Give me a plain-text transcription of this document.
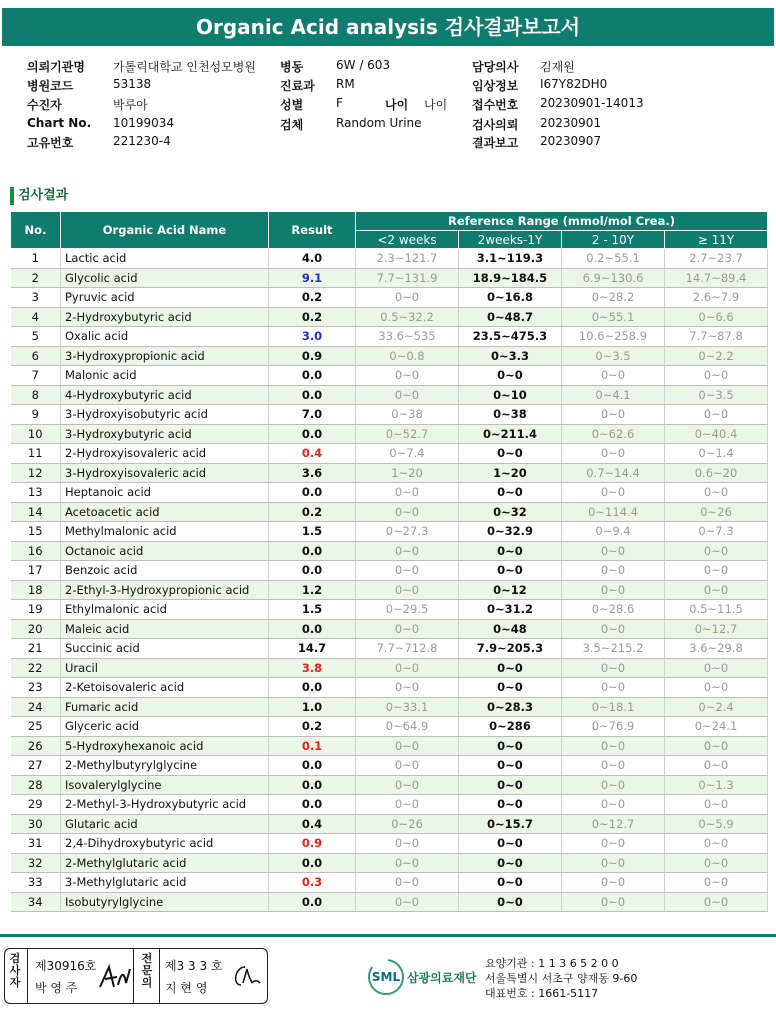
Organic Acid analysis 검사결과보고서
의뢰기관명 가톨릭대학교 인천성모병원
병원코드	53138
수진자	박루아
Chart No. 10199034
고유번호	221230-4
병동	6W / 603
진료과 RM
성별	F	나이 나이
검체	Random Urine
담당의사 김재원
임상정보 I67Y82DH0
접수번호 20230901-14013
검사의뢰 20230901
결과보고 20230907
검사결과
No.	Organic Acid Name	Result	Reference Range (mmol/mol Crea.)			
			<2 weeks	2weeks-1Y	2 - 10Y	≥ 11Y
1	Lactic acid	4.0	2.3~121.7	3.1~119.3	0.2~55.1	2.7~23.7
2	Glycolic acid	9.1	7.7~131.9	18.9~184.5	6.9~130.6	14.7~89.4
3	Pyruvic acid	0.2	0~0	0~16.8	0~28.2	2.6~7.9
4	2-Hydroxybutyric acid	0.2	0.5~32.2	0~48.7	0~55.1	0~6.6
5	Oxalic acid	3.0	33.6~535	23.5~475.3	10.6~258.9	7.7~87.8
6	3-Hydroxypropionic acid	0.9	0~0.8	0~3.3	0~3.5	0~2.2
7	Malonic acid	0.0	0~0	0~0	0~0	0~0
8	4-Hydroxybutyric acid	0.0	0~0	0~10	0~4.1	0~3.5
9	3-Hydroxyisobutyric acid	7.0	0~38	0~38	0~0	0~0
10	3-Hydroxybutyric acid	0.0	0~52.7	0~211.4	0~62.6	0~40.4
11	2-Hydroxyisovaleric acid	0.4	0~7.4	0~0	0~0	0~1.4
12	3-Hydroxyisovaleric acid	3.6	1~20	1~20	0.7~14.4	0.6~20
13	Heptanoic acid	0.0	0~0	0~0	0~0	0~0
14	Acetoacetic acid	0.2	0~0	0~32	0~114.4	0~26
15	Methylmalonic acid	1.5	0~27.3	0~32.9	0~9.4	0~7.3
16	Octanoic acid	0.0	0~0	0~0	0~0	0~0
17	Benzoic acid	0.0	0~0	0~0	0~0	0~0
18	2-Ethyl-3-Hydroxypropionic acid	1.2	0~0	0~12	0~0	0~0
19	Ethylmalonic acid	1.5	0~29.5	0~31.2	0~28.6	0.5~11.5
20	Maleic acid	0.0	0~0	0~48	0~0	0~12.7
21	Succinic acid	14.7	7.7~712.8	7.9~205.3	3.5~215.2	3.6~29.8
22	Uracil	3.8	0~0	0~0	0~0	0~0
23	2-Ketoisovaleric acid	0.0	0~0	0~0	0~0	0~0
24	Fumaric acid	1.0	0~33.1	0~28.3	0~18.1	0~2.4
25	Glyceric acid	0.2	0~64.9	0~286	0~76.9	0~24.1
26	5-Hydroxyhexanoic acid	0.1	0~0	0~0	0~0	0~0
27	2-Methylbutyrylglycine	0.0	0~0	0~0	0~0	0~0
28	Isovalerylglycine	0.0	0~0	0~0	0~0	0~1.3
29	2-Methyl-3-Hydroxybutyric acid	0.0	0~0	0~0	0~0	0~0
30	Glutaric acid	0.4	0~26	0~15.7	0~12.7	0~5.9
31	2,4-Dihydroxybutyric acid	0.9	0~0	0~0	0~0	0~0
32	2-Methylglutaric acid	0.0	0~0	0~0	0~0	0~0
33	3-Methylglutaric acid	0.3	0~0	0~0	0~0	0~0
34	Isobutyrylglycine	0.0	0~0	0~0	0~0	0~0
검사자
제30916호
박 영 주
전문의
제3 3 3 호
지 현 영
SML 삼광의료재단
요양기관 : 1 1 3 6 5 2 0 0
서울특별시 서초구 양재동 9-60
대표번호 : 1661-5117
